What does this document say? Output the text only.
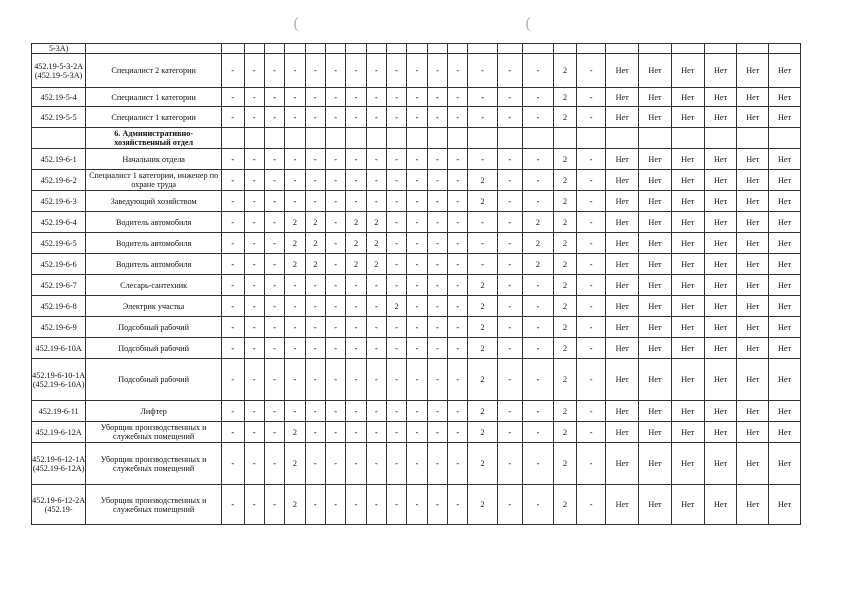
(	(
5-3А)																								
452.19-5-3-2А (452.19-5-3А)	Специалист 2 категории	-	-	-	-	-	-	-	-	-	-	-	-	-	-	-	2	-	Нет	Нет	Нет	Нет	Нет	Нет
452.19-5-4	Специалист 1 категории	-	-	-	-	-	-	-	-	-	-	-	-	-	-	-	2	-	Нет	Нет	Нет	Нет	Нет	Нет
452.19-5-5	Специалист 1 категории	-	-	-	-	-	-	-	-	-	-	-	-	-	-	-	2	-	Нет	Нет	Нет	Нет	Нет	Нет
	6. Административно-хозяйственный отдел																							
452.19-6-1	Начальник отдела	-	-	-	-	-	-	-	-	-	-	-	-	-	-	-	2	-	Нет	Нет	Нет	Нет	Нет	Нет
452.19-6-2	Специалист 1 категории, инженер по охране труда	-	-	-	-	-	-	-	-	-	-	-	-	2	-	-	2	-	Нет	Нет	Нет	Нет	Нет	Нет
452.19-6-3	Заведующий хозяйством	-	-	-	-	-	-	-	-	-	-	-	-	2	-	-	2	-	Нет	Нет	Нет	Нет	Нет	Нет
452.19-6-4	Водитель автомобиля	-	-	-	2	2	-	2	2	-	-	-	-	-	-	2	2	-	Нет	Нет	Нет	Нет	Нет	Нет
452.19-6-5	Водитель автомобиля	-	-	-	2	2	-	2	2	-	-	-	-	-	-	2	2	-	Нет	Нет	Нет	Нет	Нет	Нет
452.19-6-6	Водитель автомобиля	-	-	-	2	2	-	2	2	-	-	-	-	-	-	2	2	-	Нет	Нет	Нет	Нет	Нет	Нет
452.19-6-7	Слесарь-сантехник	-	-	-	-	-	-	-	-	-	-	-	-	2	-	-	2	-	Нет	Нет	Нет	Нет	Нет	Нет
452.19-6-8	Электрик участка	-	-	-	-	-	-	-	-	2	-	-	-	2	-	-	2	-	Нет	Нет	Нет	Нет	Нет	Нет
452.19-6-9	Подсобный рабочий	-	-	-	-	-	-	-	-	-	-	-	-	2	-	-	2	-	Нет	Нет	Нет	Нет	Нет	Нет
452.19-6-10А	Подсобный рабочий	-	-	-	-	-	-	-	-	-	-	-	-	2	-	-	2	-	Нет	Нет	Нет	Нет	Нет	Нет
452.19-6-10-1А (452.19-6-10А)	Подсобный рабочий	-	-	-	-	-	-	-	-	-	-	-	-	2	-	-	2	-	Нет	Нет	Нет	Нет	Нет	Нет
452.19-6-11	Лифтер	-	-	-	-	-	-	-	-	-	-	-	-	2	-	-	2	-	Нет	Нет	Нет	Нет	Нет	Нет
452.19-6-12А	Уборщик производственных и служебных помещений	-	-	-	2	-	-	-	-	-	-	-	-	2	-	-	2	-	Нет	Нет	Нет	Нет	Нет	Нет
452.19-6-12-1А (452.19-6-12А)	Уборщик производственных и служебных помещений	-	-	-	2	-	-	-	-	-	-	-	-	2	-	-	2	-	Нет	Нет	Нет	Нет	Нет	Нет
452.19-6-12-2А (452.19-	Уборщик производственных и служебных помещений	-	-	-	2	-	-	-	-	-	-	-	-	2	-	-	2	-	Нет	Нет	Нет	Нет	Нет	Нет
